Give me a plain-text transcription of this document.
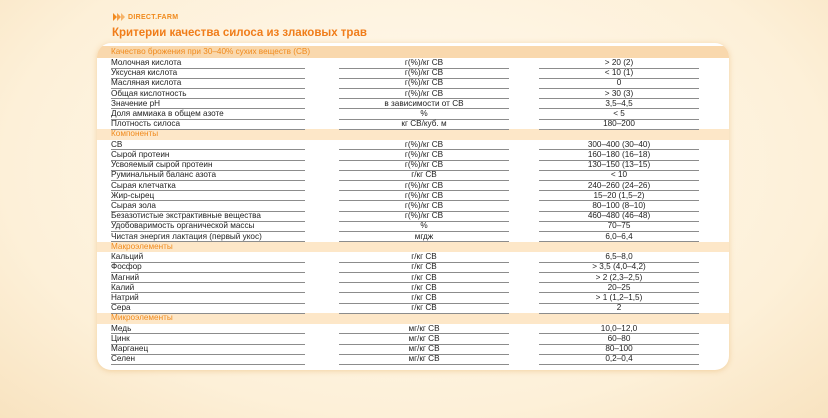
DIRECT.FARM
Критерии качества силоса из злаковых трав
Качество брожения при 30–40% сухих веществ (СВ)
Молочная кислота	г(%)/кг СВ	> 20 (2)
Уксусная кислота	г(%)/кг СВ	< 10 (1)
Масляная кислота	г(%)/кг СВ	0
Общая кислотность	г(%)/кг СВ	> 30 (3)
Значение рН	в зависимости от СВ	3,5–4,5
Доля аммиака в общем азоте	%	< 5
Плотность силоса	кг СВ/куб. м	180–200
Компоненты
СВ	г(%)/кг СВ	300–400 (30–40)
Сырой протеин	г(%)/кг СВ	160–180 (16–18)
Усвояемый сырой протеин	г(%)/кг СВ	130–150 (13–15)
Руминальный баланс азота	г/кг СВ	< 10
Сырая клетчатка	г(%)/кг СВ	240–260 (24–26)
Жир-сырец	г(%)/кг СВ	15–20 (1,5–2)
Сырая зола	г(%)/кг СВ	80–100 (8–10)
Безазотистые экстрактивные вещества	г(%)/кг СВ	460–480 (46–48)
Удобоваримость органической массы	%	70–75
Чистая энергия лактация (первый укос)	мгдж	6,0–6,4
Макроэлементы
Кальций	г/кг СВ	6,5–8,0
Фосфор	г/кг СВ	> 3,5 (4,0–4,2)
Магний	г/кг СВ	> 2 (2,3–2,5)
Калий	г/кг СВ	20–25
Натрий	г/кг СВ	> 1 (1,2–1,5)
Сера	г/кг СВ	2
Микроэлементы
Медь	мг/кг СВ	10,0–12,0
Цинк	мг/кг СВ	60–80
Марганец	мг/кг СВ	80–100
Селен	мг/кг СВ	0,2–0,4
